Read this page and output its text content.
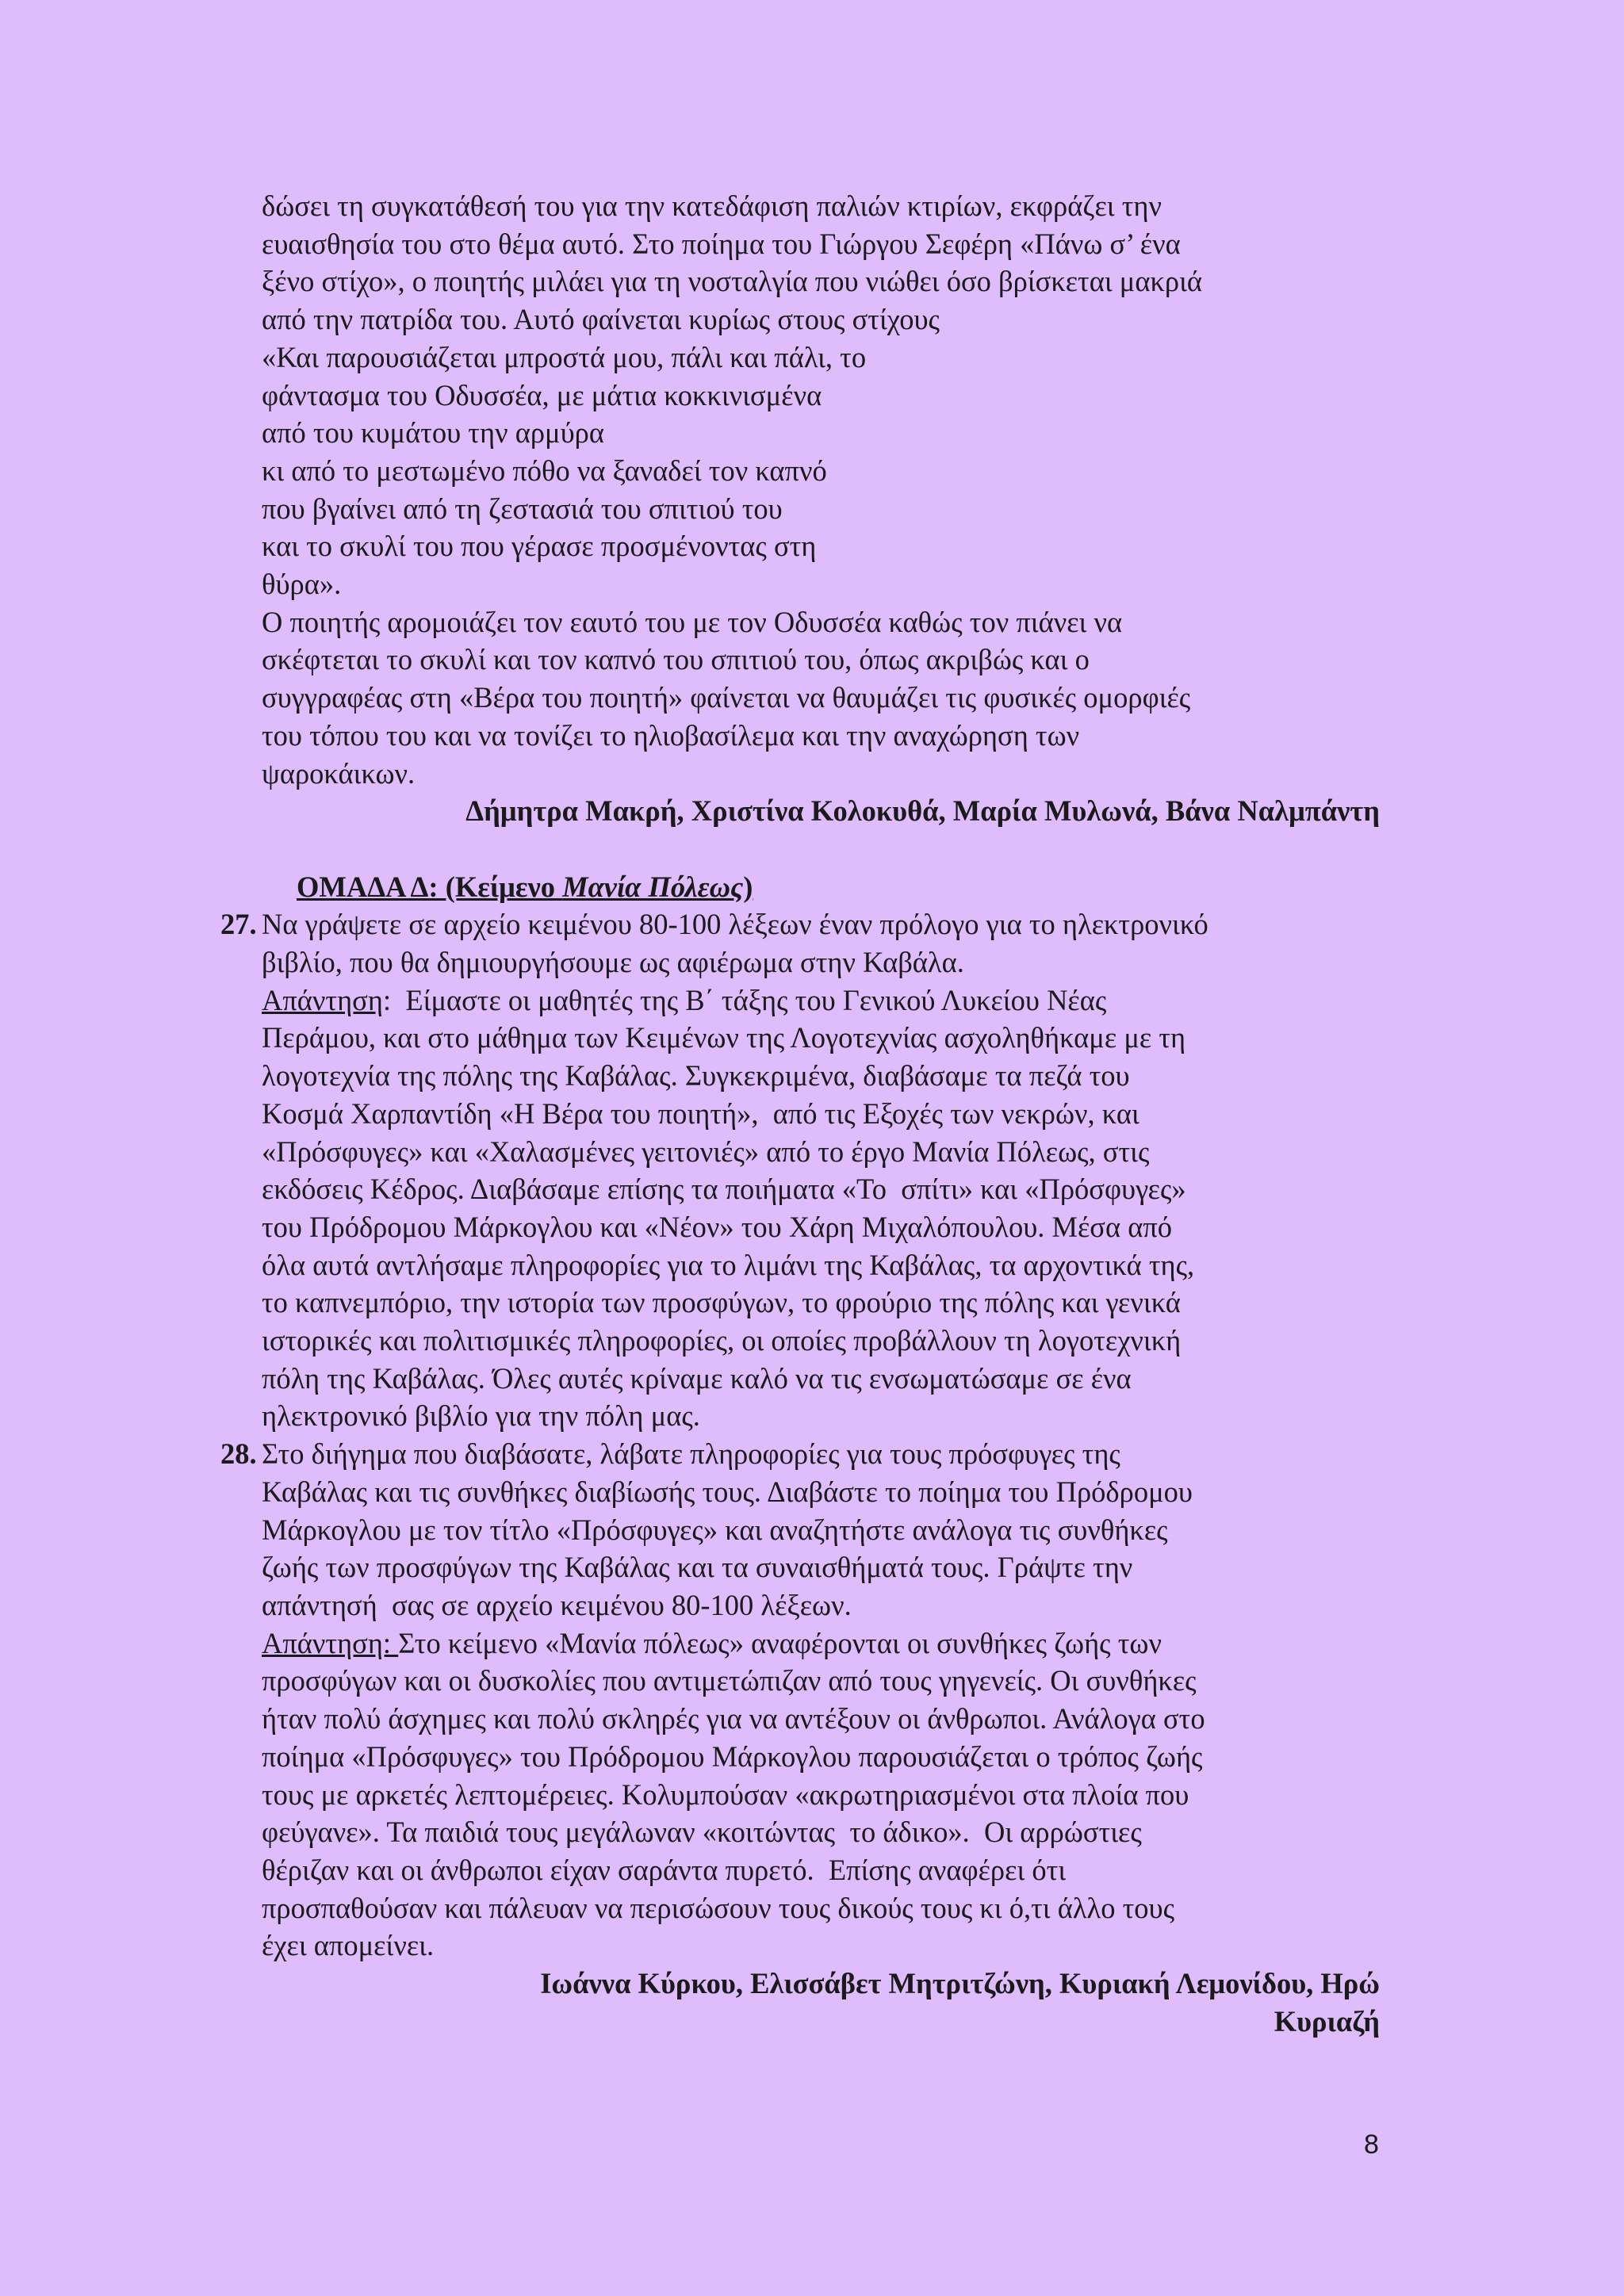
δώσει τη συγκατάθεσή του για την κατεδάφιση παλιών κτιρίων, εκφράζει την
ευαισθησία του στο θέμα αυτό. Στο ποίημα του Γιώργου Σεφέρη «Πάνω σ’ ένα
ξένο στίχο», ο ποιητής μιλάει για τη νοσταλγία που νιώθει όσο βρίσκεται μακριά
από την πατρίδα του. Αυτό φαίνεται κυρίως στους στίχους
«Και παρουσιάζεται μπροστά μου, πάλι και πάλι, το
φάντασμα του Οδυσσέα, με μάτια κοκκινισμένα
από του κυμάτου την αρμύρα
κι από το μεστωμένο πόθο να ξαναδεί τον καπνό
που βγαίνει από τη ζεστασιά του σπιτιού του
και το σκυλί του που γέρασε προσμένοντας στη
θύρα».
Ο ποιητής αρομοιάζει τον εαυτό του με τον Οδυσσέα καθώς τον πιάνει να
σκέφτεται το σκυλί και τον καπνό του σπιτιού του, όπως ακριβώς και ο
συγγραφέας στη «Βέρα του ποιητή» φαίνεται να θαυμάζει τις φυσικές ομορφιές
του τόπου του και να τονίζει το ηλιοβασίλεμα και την αναχώρηση των
ψαροκάικων.
Δήμητρα Μακρή, Χριστίνα Κολοκυθά, Μαρία Μυλωνά, Βάνα Ναλμπάντη
ΟΜΑΔΑ Δ: (Κείμενο Μανία Πόλεως)
27. Να γράψετε σε αρχείο κειμένου 80-100 λέξεων έναν πρόλογο για το ηλεκτρονικό
βιβλίο, που θα δημιουργήσουμε ως αφιέρωμα στην Καβάλα.
Απάντηση:  Είμαστε οι μαθητές της Β΄ τάξης του Γενικού Λυκείου Νέας
Περάμου, και στο μάθημα των Κειμένων της Λογοτεχνίας ασχοληθήκαμε με τη
λογοτεχνία της πόλης της Καβάλας. Συγκεκριμένα, διαβάσαμε τα πεζά του
Κοσμά Χαρπαντίδη «Η Βέρα του ποιητή»,  από τις Εξοχές των νεκρών, και
«Πρόσφυγες» και «Χαλασμένες γειτονιές» από το έργο Μανία Πόλεως, στις
εκδόσεις Κέδρος. Διαβάσαμε επίσης τα ποιήματα «Το  σπίτι» και «Πρόσφυγες»
του Πρόδρομου Μάρκογλου και «Νέον» του Χάρη Μιχαλόπουλου. Μέσα από
όλα αυτά αντλήσαμε πληροφορίες για το λιμάνι της Καβάλας, τα αρχοντικά της,
το καπνεμπόριο, την ιστορία των προσφύγων, το φρούριο της πόλης και γενικά
ιστορικές και πολιτισμικές πληροφορίες, οι οποίες προβάλλουν τη λογοτεχνική
πόλη της Καβάλας. Όλες αυτές κρίναμε καλό να τις ενσωματώσαμε σε ένα
ηλεκτρονικό βιβλίο για την πόλη μας.
28. Στο διήγημα που διαβάσατε, λάβατε πληροφορίες για τους πρόσφυγες της
Καβάλας και τις συνθήκες διαβίωσής τους. Διαβάστε το ποίημα του Πρόδρομου
Μάρκογλου με τον τίτλο «Πρόσφυγες» και αναζητήστε ανάλογα τις συνθήκες
ζωής των προσφύγων της Καβάλας και τα συναισθήματά τους. Γράψτε την
απάντησή  σας σε αρχείο κειμένου 80-100 λέξεων.
Απάντηση: Στο κείμενο «Μανία πόλεως» αναφέρονται οι συνθήκες ζωής των
προσφύγων και οι δυσκολίες που αντιμετώπιζαν από τους γηγενείς. Οι συνθήκες
ήταν πολύ άσχημες και πολύ σκληρές για να αντέξουν οι άνθρωποι. Ανάλογα στο
ποίημα «Πρόσφυγες» του Πρόδρομου Μάρκογλου παρουσιάζεται ο τρόπος ζωής
τους με αρκετές λεπτομέρειες. Κολυμπούσαν «ακρωτηριασμένοι στα πλοία που
φεύγανε». Τα παιδιά τους μεγάλωναν «κοιτώντας  το άδικο».  Οι αρρώστιες
θέριζαν και οι άνθρωποι είχαν σαράντα πυρετό.  Επίσης αναφέρει ότι
προσπαθούσαν και πάλευαν να περισώσουν τους δικούς τους κι ό,τι άλλο τους
έχει απομείνει.
Ιωάννα Κύρκου, Ελισσάβετ Μητριτζώνη, Κυριακή Λεμονίδου, Ηρώ
Κυριαζή
8
